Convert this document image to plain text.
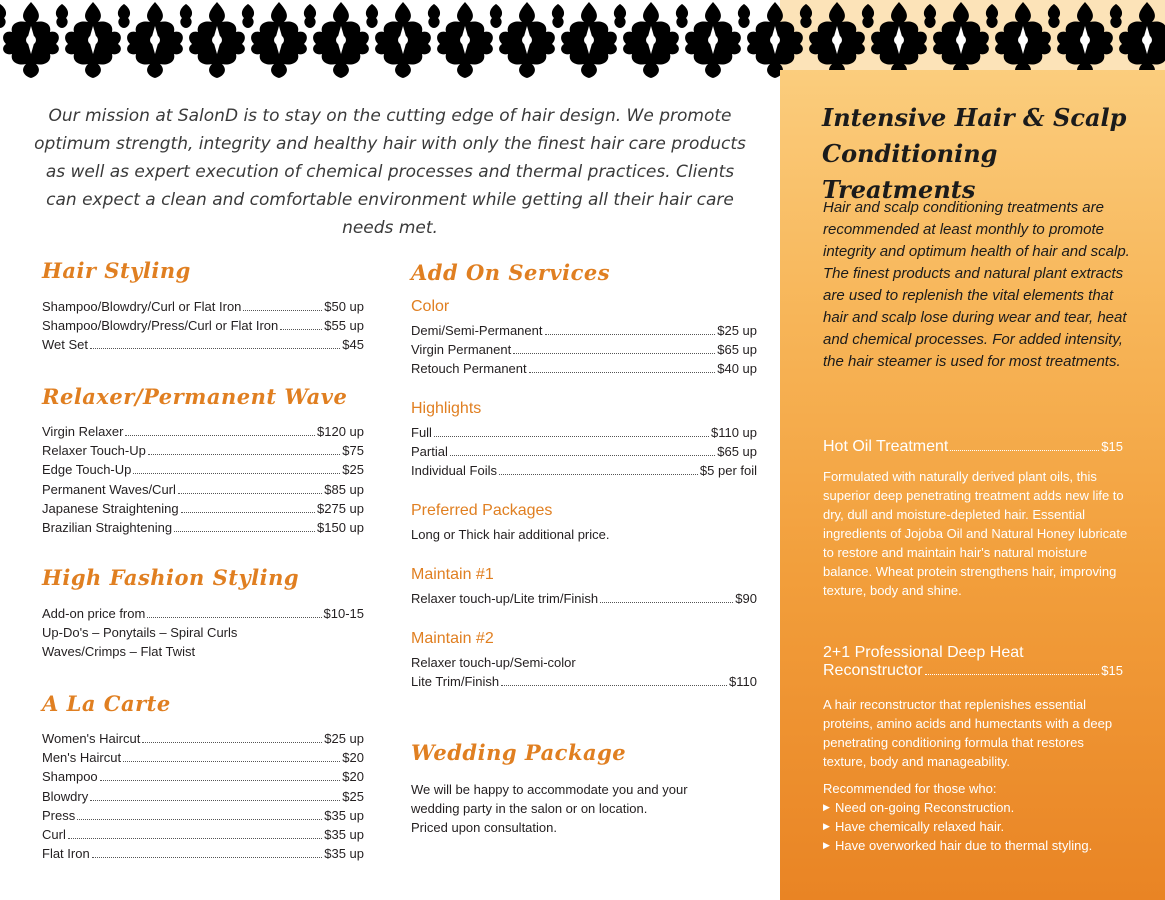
Our mission at SalonD is to stay on the cutting edge of hair design. We promote optimum strength, integrity and healthy hair with only the finest hair care products as well as expert execution of chemical processes and thermal practices. Clients can expect a clean and comfortable environment while getting all their hair care needs met.
Hair Styling
Shampoo/Blowdry/Curl or Flat Iron	$50 up
Shampoo/Blowdry/Press/Curl or Flat Iron	$55 up
Wet Set	$45
Relaxer/Permanent Wave
Virgin Relaxer	$120 up
Relaxer Touch-Up	$75
Edge Touch-Up	$25
Permanent Waves/Curl	$85 up
Japanese Straightening	$275 up
Brazilian Straightening	$150 up
High Fashion Styling
Add-on price from	$10-15
Up-Do's – Ponytails – Spiral Curls
Waves/Crimps – Flat Twist
A La Carte
Women's Haircut	$25 up
Men's Haircut	$20
Shampoo	$20
Blowdry	$25
Press	$35 up
Curl	$35 up
Flat Iron	$35 up
Add On Services
Color
Demi/Semi-Permanent	$25 up
Virgin Permanent	$65 up
Retouch Permanent	$40 up
Highlights
Full	$110 up
Partial	$65 up
Individual Foils	$5 per foil
Preferred Packages
Long or Thick hair additional price.
Maintain #1
Relaxer touch-up/Lite trim/Finish	$90
Maintain #2
Relaxer touch-up/Semi-color
Lite Trim/Finish	$110
Wedding Package
We will be happy to accommodate you and your
wedding party in the salon or on location.
Priced upon consultation.
Intensive Hair & Scalp
Conditioning Treatments
Hair and scalp conditioning treatments are recommended at least monthly to promote integrity and optimum health of hair and scalp. The finest products and natural plant extracts are used to replenish the vital elements that hair and scalp lose during wear and tear, heat and chemical processes. For added intensity, the hair steamer is used for most treatments.
Hot Oil Treatment	$15
Formulated with naturally derived plant oils, this superior deep penetrating treatment adds new life to dry, dull and moisture-depleted hair. Essential ingredients of Jojoba Oil and Natural Honey lubricate to restore and maintain hair's natural moisture balance. Wheat protein strengthens hair, improving texture, body and shine.
2+1 Professional Deep Heat
Reconstructor	$15
A hair reconstructor that replenishes essential proteins, amino acids and humectants with a deep penetrating conditioning formula that restores texture, body and manageability.
Recommended for those who:
▶ Need on-going Reconstruction.
▶ Have chemically relaxed hair.
▶ Have overworked hair due to thermal styling.
